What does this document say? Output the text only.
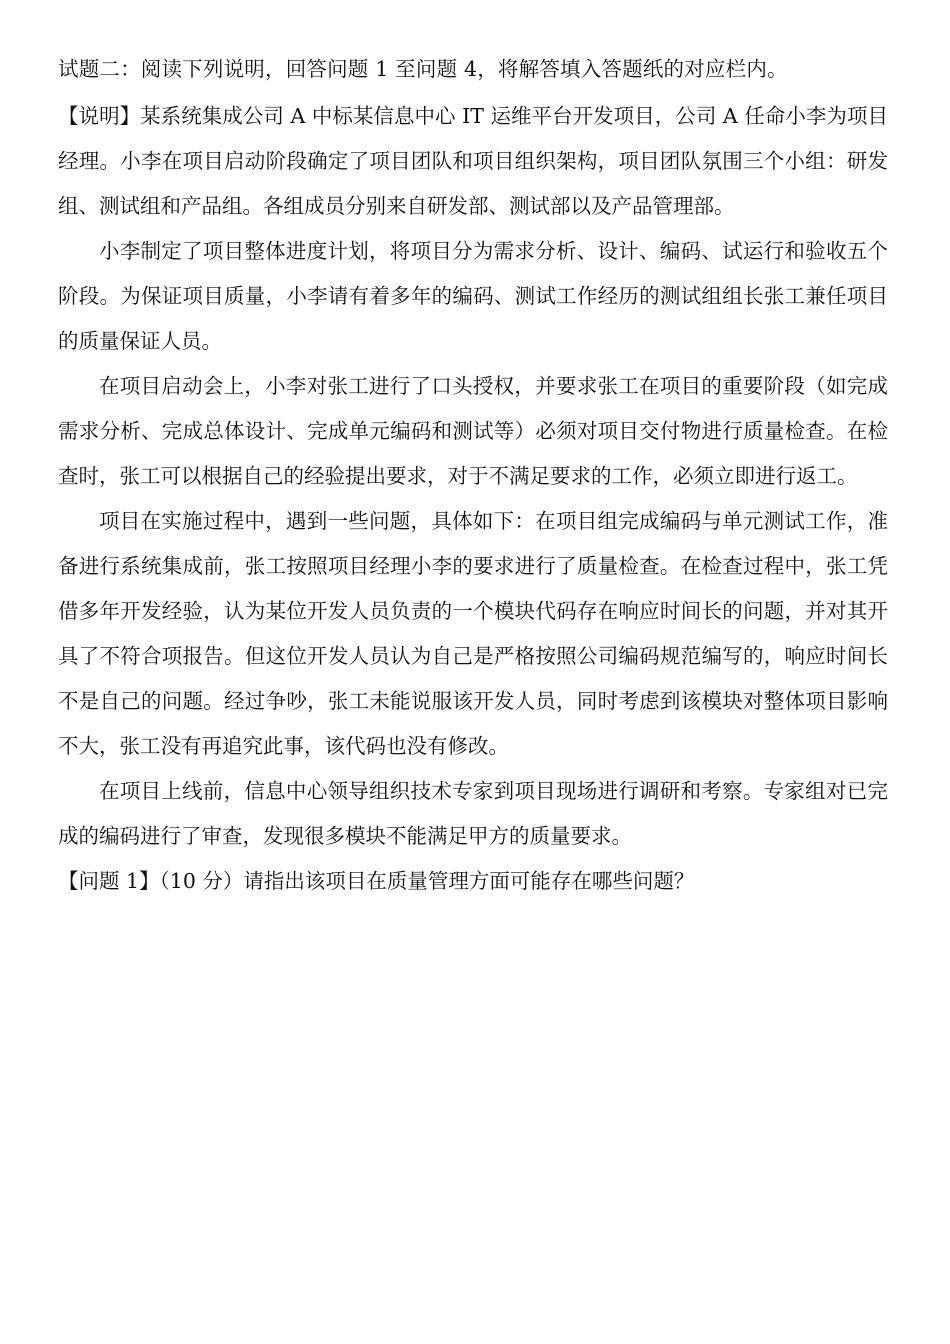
试题二：阅读下列说明，回答问题 1 至问题 4，将解答填入答题纸的对应栏内。

【说明】某系统集成公司 A 中标某信息中心 IT 运维平台开发项目，公司 A 任命小李为项目经理。小李在项目启动阶段确定了项目团队和项目组织架构，项目团队氛围三个小组：研发组、测试组和产品组。各组成员分别来自研发部、测试部以及产品管理部。

小李制定了项目整体进度计划，将项目分为需求分析、设计、编码、试运行和验收五个阶段。为保证项目质量，小李请有着多年的编码、测试工作经历的测试组组长张工兼任项目的质量保证人员。

在项目启动会上，小李对张工进行了口头授权，并要求张工在项目的重要阶段（如完成需求分析、完成总体设计、完成单元编码和测试等）必须对项目交付物进行质量检查。在检查时，张工可以根据自己的经验提出要求，对于不满足要求的工作，必须立即进行返工。

项目在实施过程中，遇到一些问题，具体如下：在项目组完成编码与单元测试工作，准备进行系统集成前，张工按照项目经理小李的要求进行了质量检查。在检查过程中，张工凭借多年开发经验，认为某位开发人员负责的一个模块代码存在响应时间长的问题，并对其开具了不符合项报告。但这位开发人员认为自己是严格按照公司编码规范编写的，响应时间长不是自己的问题。经过争吵，张工未能说服该开发人员，同时考虑到该模块对整体项目影响不大，张工没有再追究此事，该代码也没有修改。

在项目上线前，信息中心领导组织技术专家到项目现场进行调研和考察。专家组对已完成的编码进行了审查，发现很多模块不能满足甲方的质量要求。

【问题 1】（10 分）请指出该项目在质量管理方面可能存在哪些问题？
